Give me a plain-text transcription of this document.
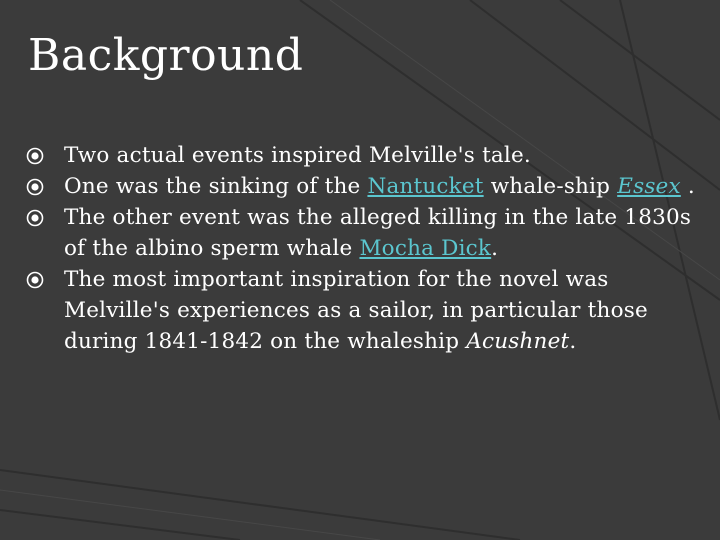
Background
Two actual events inspired Melville's tale.
One was the sinking of the Nantucket whale-ship Essex .
The other event was the alleged killing in the late 1830s of the albino sperm whale Mocha Dick.
The most important inspiration for the novel was Melville's experiences as a sailor, in particular those during 1841-1842 on the whaleship Acushnet.
